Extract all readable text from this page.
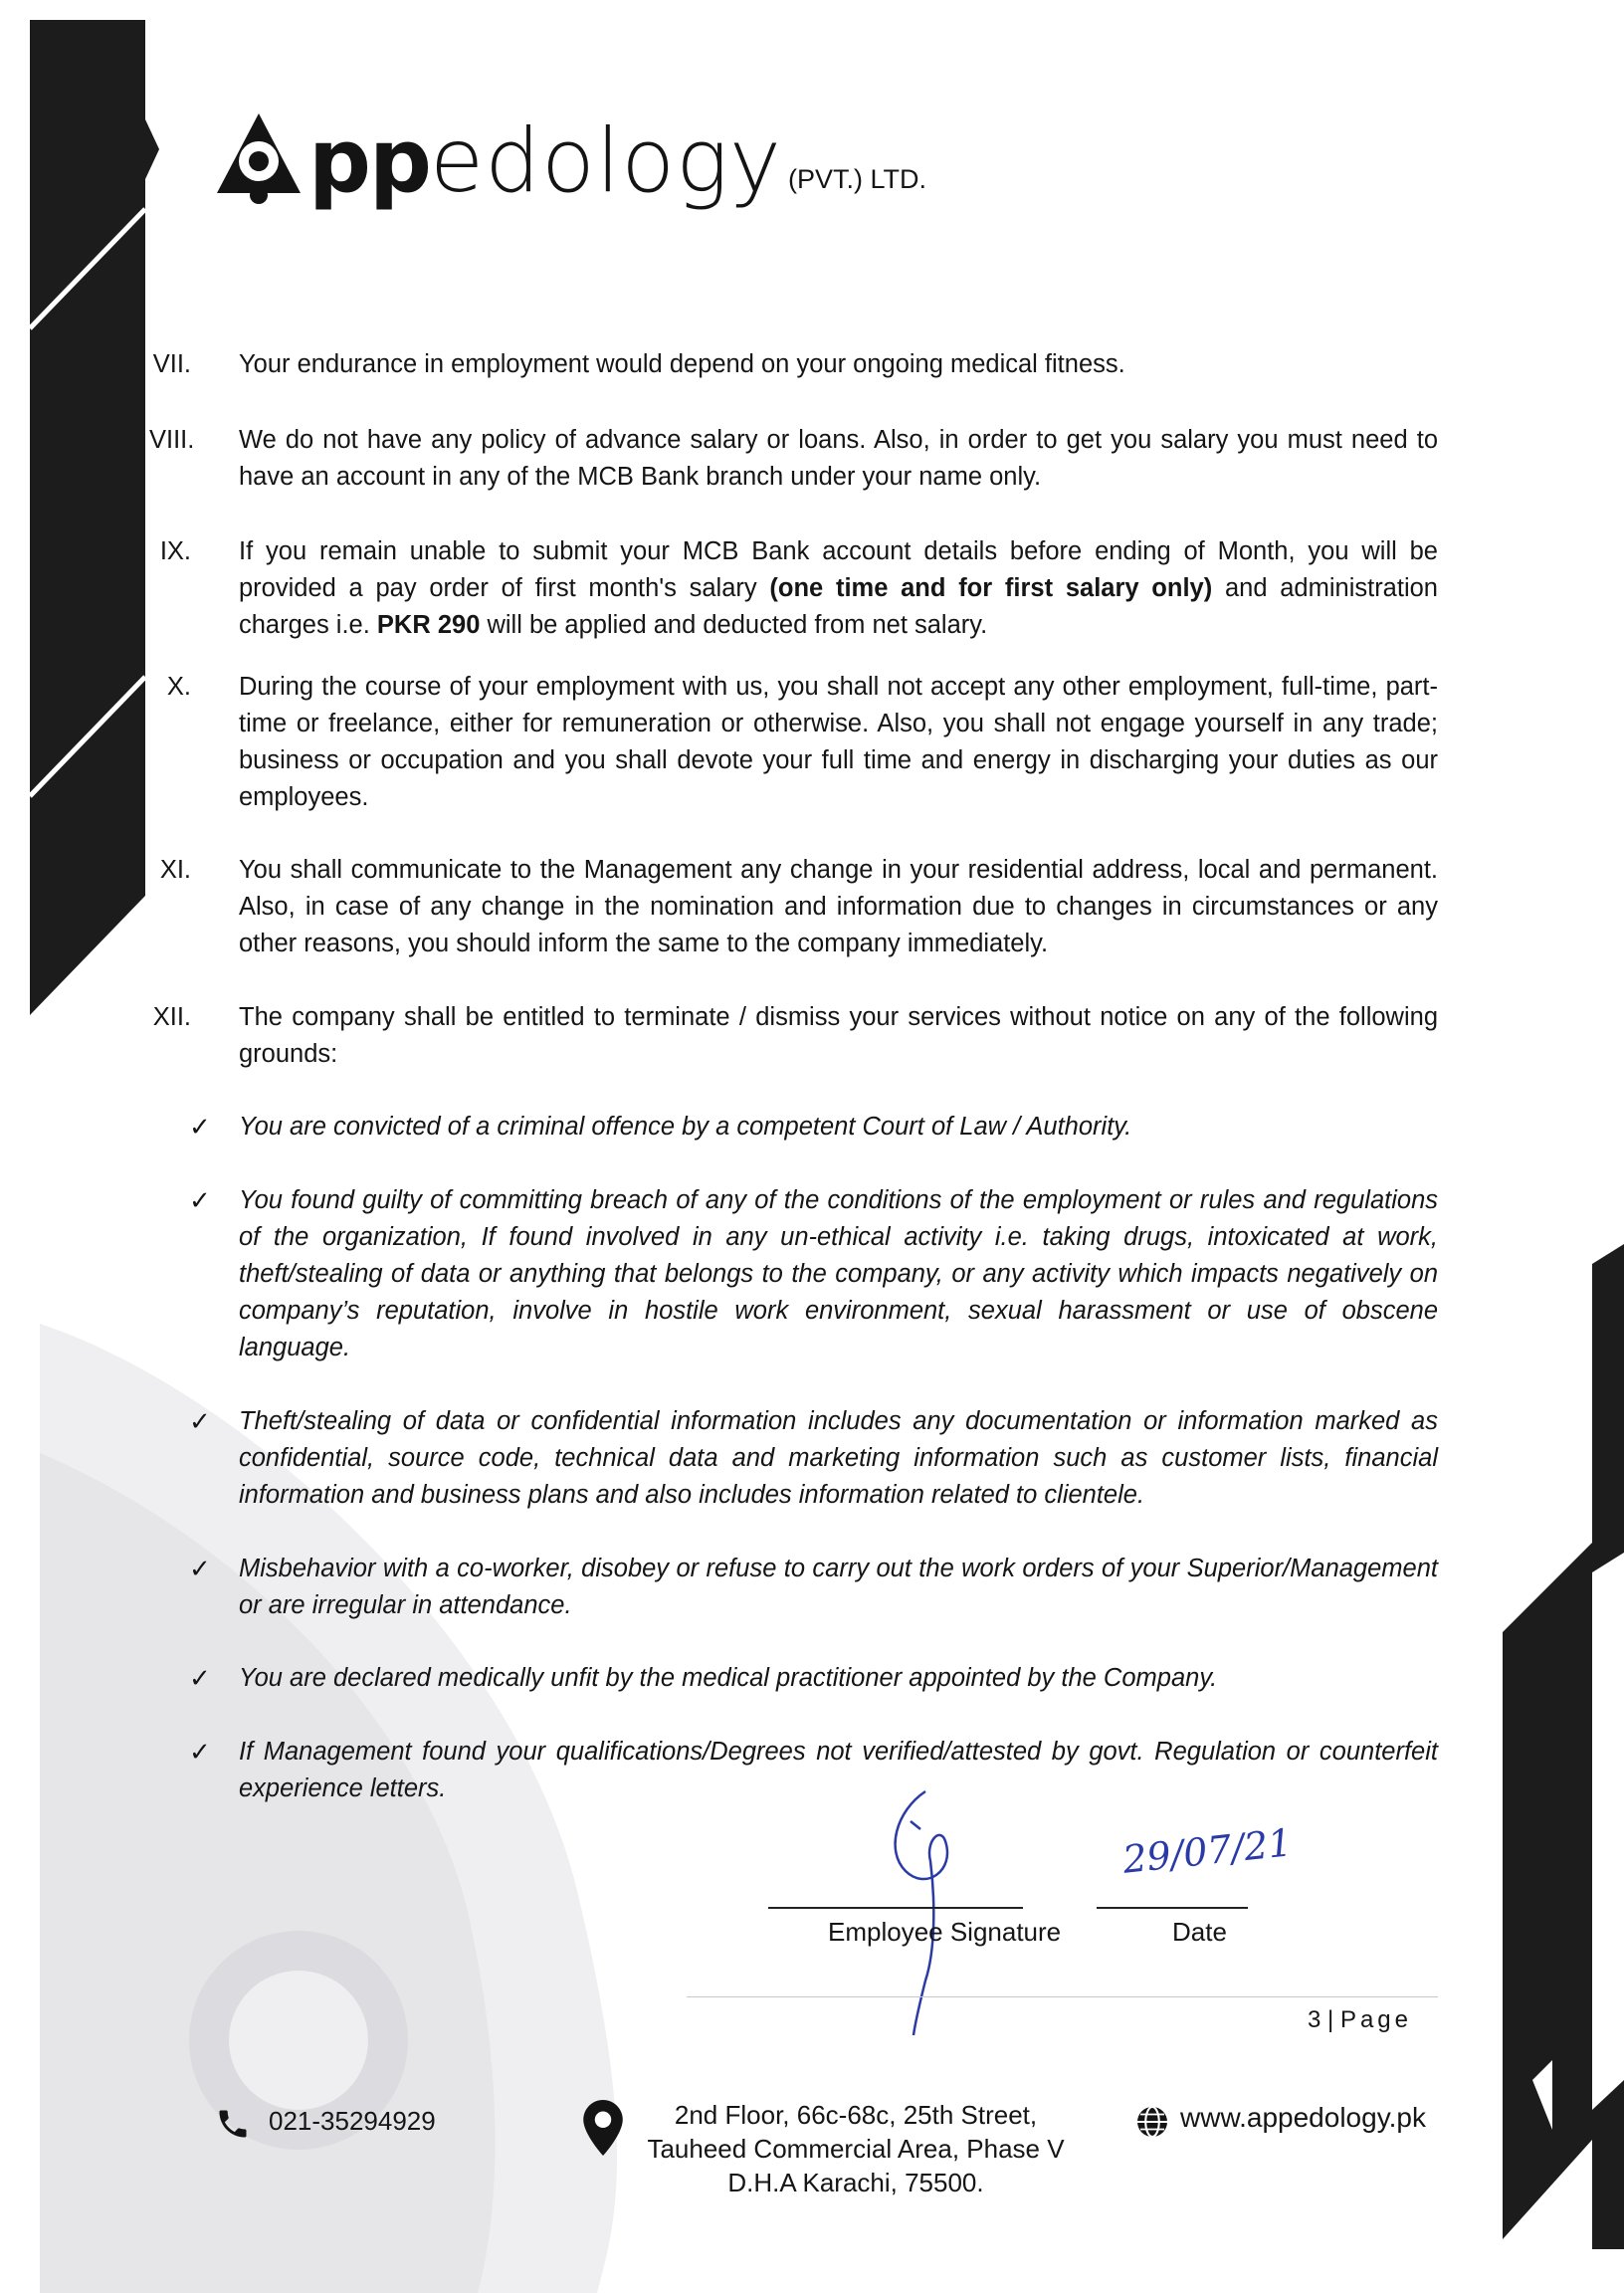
pp edology (PVT.) LTD.
VII. Your endurance in employment would depend on your ongoing medical fitness.
VIII. We do not have any policy of advance salary or loans. Also, in order to get you salary you must need to have an account in any of the MCB Bank branch under your name only.
IX. If you remain unable to submit your MCB Bank account details before ending of Month, you will be provided a pay order of first month's salary (one time and for first salary only) and administration charges i.e. PKR 290 will be applied and deducted from net salary.
X. During the course of your employment with us, you shall not accept any other employment, full-time, part-time or freelance, either for remuneration or otherwise. Also, you shall not engage yourself in any trade; business or occupation and you shall devote your full time and energy in discharging your duties as our employees.
XI. You shall communicate to the Management any change in your residential address, local and permanent. Also, in case of any change in the nomination and information due to changes in circumstances or any other reasons, you should inform the same to the company immediately.
XII. The company shall be entitled to terminate / dismiss your services without notice on any of the following grounds:
✓ You are convicted of a criminal offence by a competent Court of Law / Authority.
✓ You found guilty of committing breach of any of the conditions of the employment or rules and regulations of the organization, If found involved in any un-ethical activity i.e. taking drugs, intoxicated at work, theft/stealing of data or anything that belongs to the company, or any activity which impacts negatively on company’s reputation, involve in hostile work environment, sexual harassment or use of obscene language.
✓ Theft/stealing of data or confidential information includes any documentation or information marked as confidential, source code, technical data and marketing information such as customer lists, financial information and business plans and also includes information related to clientele.
✓ Misbehavior with a co-worker, disobey or refuse to carry out the work orders of your Superior/Management or are irregular in attendance.
✓ You are declared medically unfit by the medical practitioner appointed by the Company.
✓ If Management found your qualifications/Degrees not verified/attested by govt. Regulation or counterfeit experience letters.
Employee Signature
29/07/21
Date
3 | Page
021-35294929	2nd Floor, 66c-68c, 25th Street,
Tauheed Commercial Area, Phase V
D.H.A Karachi, 75500.
www.appedology.pk
